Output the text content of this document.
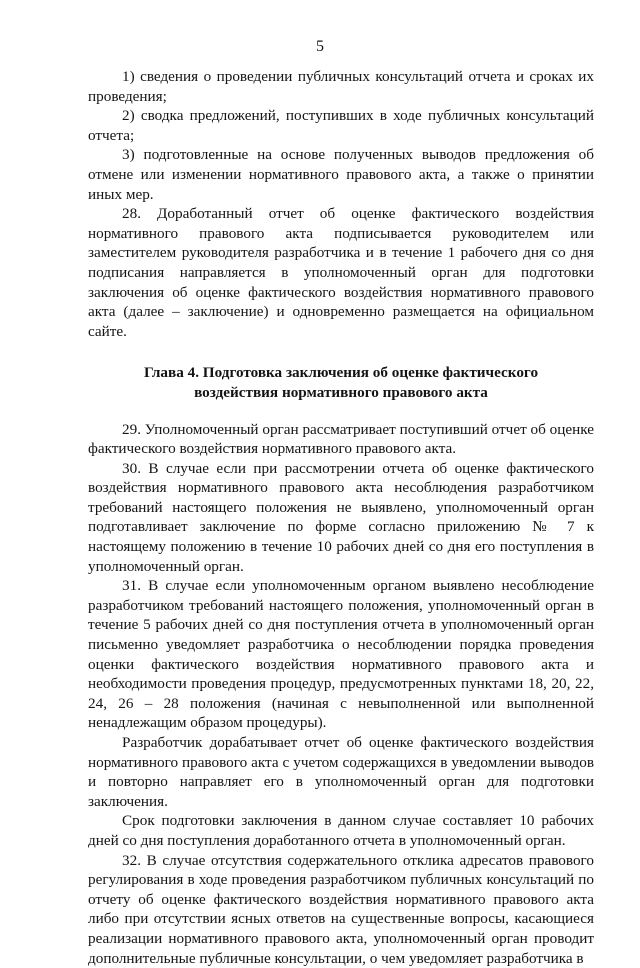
5

1) сведения о проведении публичных консультаций отчета и сроках их проведения;

2) сводка предложений, поступивших в ходе публичных консультаций отчета;

3) подготовленные на основе полученных выводов предложения об отмене или изменении нормативного правового акта, а также о принятии иных мер.

28. Доработанный отчет об оценке фактического воздействия нормативного правового акта подписывается руководителем или заместителем руководителя разработчика и в течение 1 рабочего дня со дня подписания направляется в уполномоченный орган для подготовки заключения об оценке фактического воздействия нормативного правового акта (далее – заключение) и одновременно размещается на официальном сайте.

Глава 4. Подготовка заключения об оценке фактического
воздействия нормативного правового акта

29. Уполномоченный орган рассматривает поступивший отчет об оценке фактического воздействия нормативного правового акта.

30. В случае если при рассмотрении отчета об оценке фактического воздействия нормативного правового акта несоблюдения разработчиком требований настоящего положения не выявлено, уполномоченный орган подготавливает заключение по форме согласно приложению № 7 к настоящему положению в течение 10 рабочих дней со дня его поступления в уполномоченный орган.

31. В случае если уполномоченным органом выявлено несоблюдение разработчиком требований настоящего положения, уполномоченный орган в течение 5 рабочих дней со дня поступления отчета в уполномоченный орган письменно уведомляет разработчика о несоблюдении порядка проведения оценки фактического воздействия нормативного правового акта и необходимости проведения процедур, предусмотренных пунктами 18, 20, 22, 24, 26 – 28 положения (начиная с невыполненной или выполненной ненадлежащим образом процедуры).

Разработчик дорабатывает отчет об оценке фактического воздействия нормативного правового акта с учетом содержащихся в уведомлении выводов и повторно направляет его в уполномоченный орган для подготовки заключения.

Срок подготовки заключения в данном случае составляет 10 рабочих дней со дня поступления доработанного отчета в уполномоченный орган.

32. В случае отсутствия содержательного отклика адресатов правового регулирования в ходе проведения разработчиком публичных консультаций по отчету об оценке фактического воздействия нормативного правового акта либо при отсутствии ясных ответов на существенные вопросы, касающиеся реализации нормативного правового акта, уполномоченный орган проводит дополнительные публичные консультации, о чем уведомляет разработчика в
